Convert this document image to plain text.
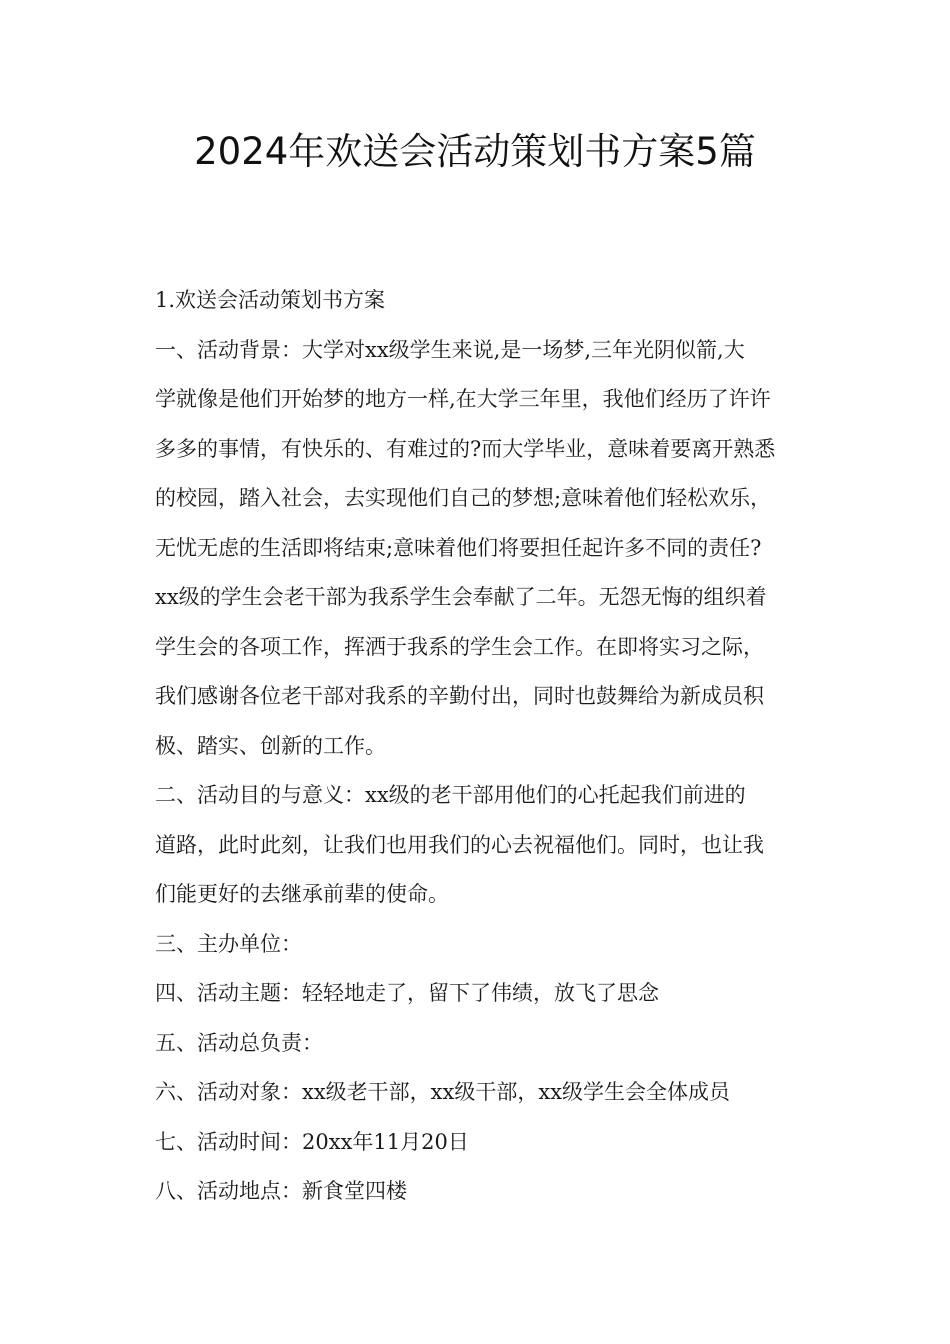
2024年欢送会活动策划书方案5篇

1.欢送会活动策划书方案

一、活动背景：大学对xx级学生来说,是一场梦,三年光阴似箭,大
学就像是他们开始梦的地方一样,在大学三年里，我他们经历了许许
多多的事情，有快乐的、有难过的?而大学毕业，意味着要离开熟悉
的校园，踏入社会，去实现他们自己的梦想;意味着他们轻松欢乐，
无忧无虑的生活即将结束;意味着他们将要担任起许多不同的责任?
xx级的学生会老干部为我系学生会奉献了二年。无怨无悔的组织着
学生会的各项工作，挥洒于我系的学生会工作。在即将实习之际，
我们感谢各位老干部对我系的辛勤付出，同时也鼓舞给为新成员积
极、踏实、创新的工作。

二、活动目的与意义：xx级的老干部用他们的心托起我们前进的
道路，此时此刻，让我们也用我们的心去祝福他们。同时，也让我
们能更好的去继承前辈的使命。

三、主办单位：

四、活动主题：轻轻地走了，留下了伟绩，放飞了思念

五、活动总负责：

六、活动对象：xx级老干部，xx级干部，xx级学生会全体成员

七、活动时间：20xx年11月20日

八、活动地点：新食堂四楼
